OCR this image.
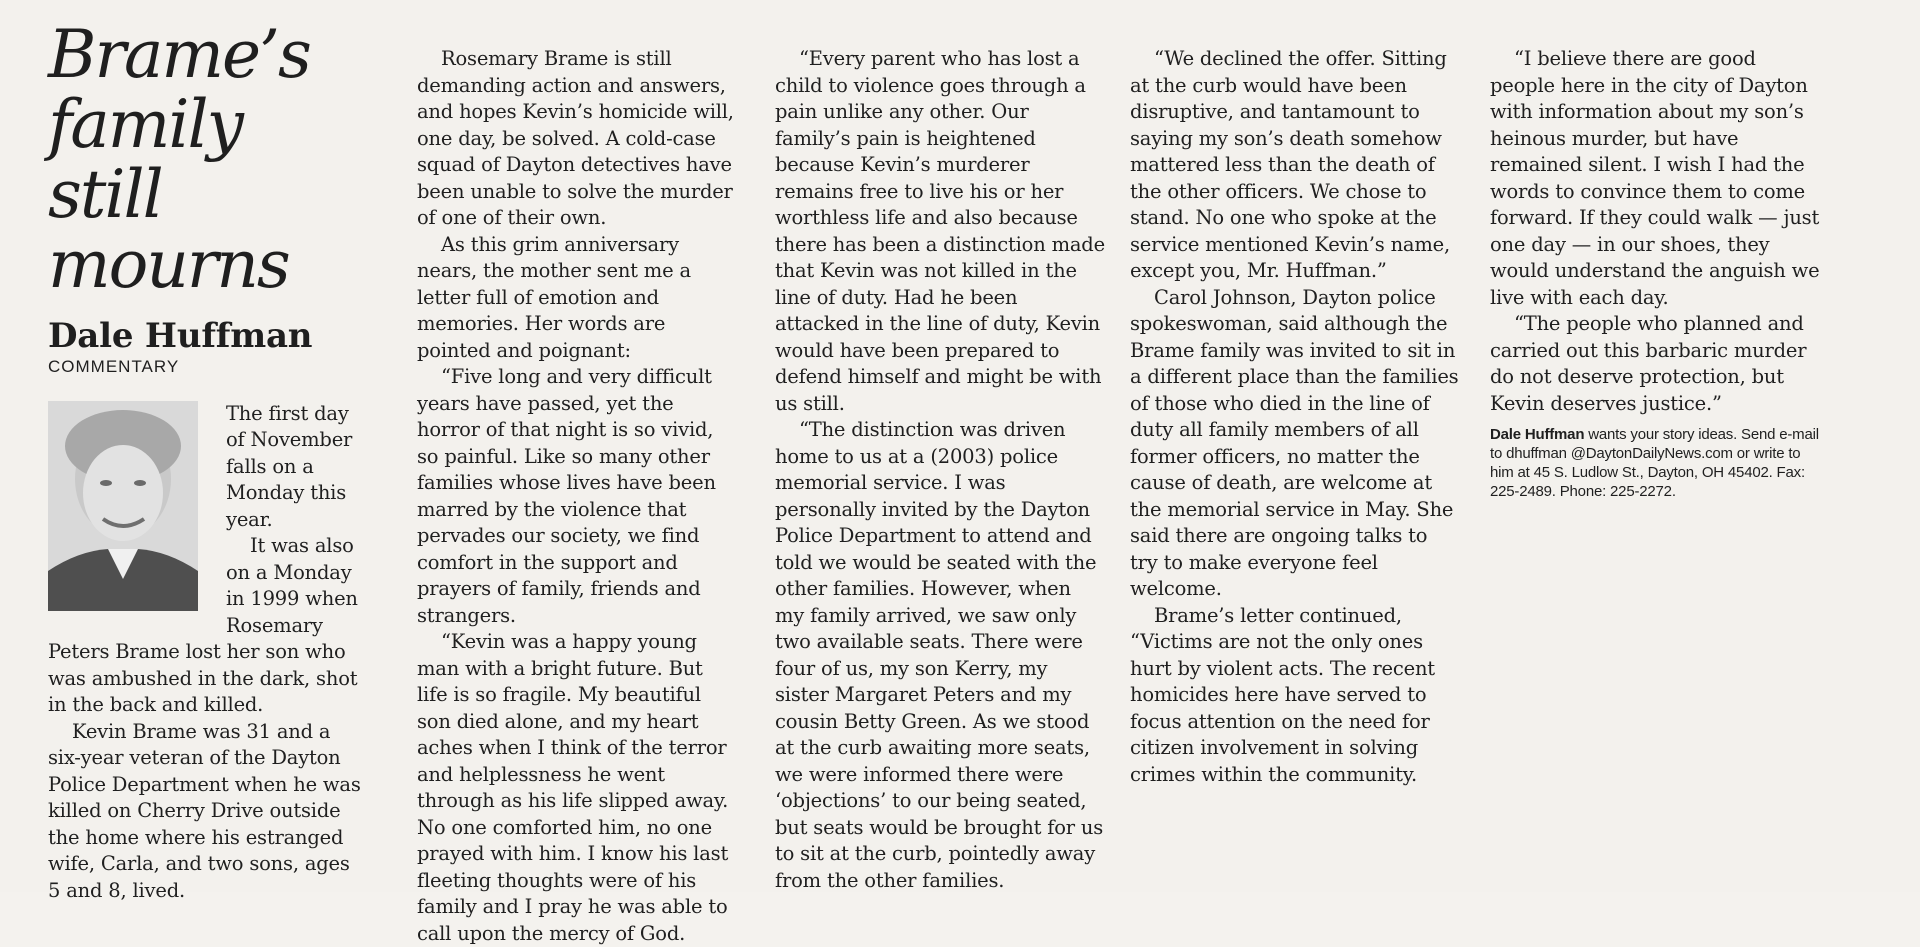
Brame’s family still mourns
Dale Huffman
COMMENTARY

The first day of November falls on a Monday this year.

It was also on a Monday in 1999 when Rosemary Peters Brame lost her son who was ambushed in the dark, shot in the back and killed.

Kevin Brame was 31 and a six-year veteran of the Dayton Police Department when he was killed on Cherry Drive outside the home where his estranged wife, Carla, and two sons, ages 5 and 8, lived.

Rosemary Brame is still demanding action and answers, and hopes Kevin’s homicide will, one day, be solved. A cold-case squad of Dayton detectives have been unable to solve the murder of one of their own.

As this grim anniversary nears, the mother sent me a letter full of emotion and memories. Her words are pointed and poignant:

“Five long and very difficult years have passed, yet the horror of that night is so vivid, so painful. Like so many other families whose lives have been marred by the violence that pervades our society, we find comfort in the support and prayers of family, friends and strangers.

“Kevin was a happy young man with a bright future. But life is so fragile. My beautiful son died alone, and my heart aches when I think of the terror and helplessness he went through as his life slipped away. No one comforted him, no one prayed with him. I know his last fleeting thoughts were of his family and I pray he was able to call upon the mercy of God.

“Every parent who has lost a child to violence goes through a pain unlike any other. Our family’s pain is heightened because Kevin’s murderer remains free to live his or her worthless life and also because there has been a distinction made that Kevin was not killed in the line of duty. Had he been attacked in the line of duty, Kevin would have been prepared to defend himself and might be with us still.

“The distinction was driven home to us at a (2003) police memorial service. I was personally invited by the Dayton Police Department to attend and told we would be seated with the other families. However, when my family arrived, we saw only two available seats. There were four of us, my son Kerry, my sister Margaret Peters and my cousin Betty Green. As we stood at the curb awaiting more seats, we were informed there were ‘objections’ to our being seated, but seats would be brought for us to sit at the curb, pointedly away from the other families.

“We declined the offer. Sitting at the curb would have been disruptive, and tantamount to saying my son’s death somehow mattered less than the death of the other officers. We chose to stand. No one who spoke at the service mentioned Kevin’s name, except you, Mr. Huffman.”

Carol Johnson, Dayton police spokeswoman, said although the Brame family was invited to sit in a different place than the families of those who died in the line of duty all family members of all former officers, no matter the cause of death, are welcome at the memorial service in May. She said there are ongoing talks to try to make everyone feel welcome.

Brame’s letter continued, “Victims are not the only ones hurt by violent acts. The recent homicides here have served to focus attention on the need for citizen involvement in solving crimes within the community.

“I believe there are good people here in the city of Dayton with information about my son’s heinous murder, but have remained silent. I wish I had the words to convince them to come forward. If they could walk — just one day — in our shoes, they would understand the anguish we live with each day.

“The people who planned and carried out this barbaric murder do not deserve protection, but Kevin deserves justice.”

Dale Huffman wants your story ideas. Send e-mail to dhuffman @DaytonDailyNews.com or write to him at 45 S. Ludlow St., Dayton, OH 45402. Fax: 225-2489. Phone: 225-2272.
